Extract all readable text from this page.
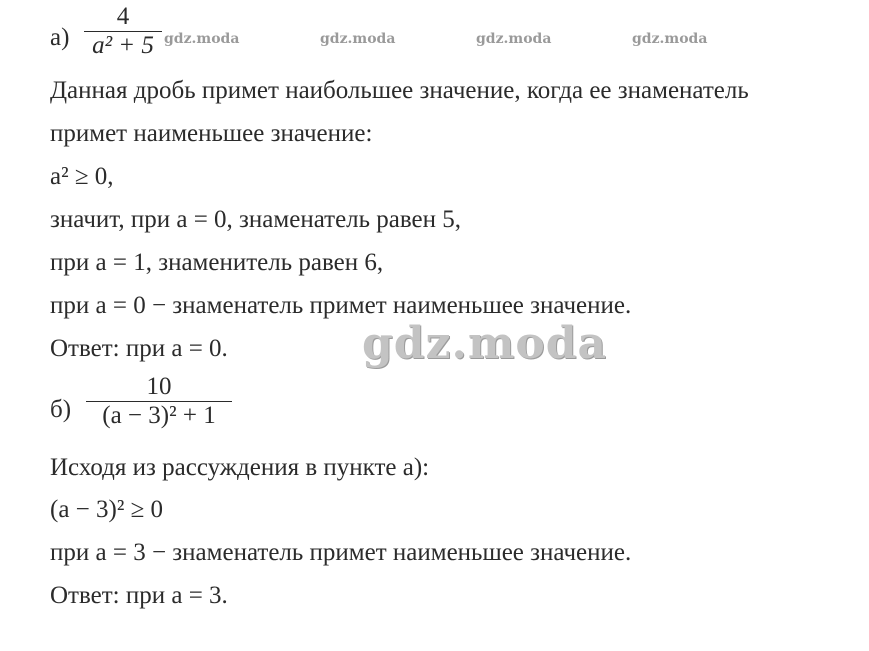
а)
4
a² + 5 gdz.moda	gdz.moda	gdz.moda	gdz.moda
Данная дробь примет наибольшее значение, когда ее знаменатель
примет наименьшее значение:
a² ≥ 0,
значит, при a = 0, знаменатель равен 5,
при a = 1, знаменитель равен 6,
при a = 0 − знаменатель примет наименьшее значение.
Ответ: при a = 0.	gdz.moda
б)
10
(a − 3)² + 1
Исходя из рассуждения в пункте а):
(a − 3)² ≥ 0
при a = 3 − знаменатель примет наименьшее значение.
Ответ: при a = 3.
